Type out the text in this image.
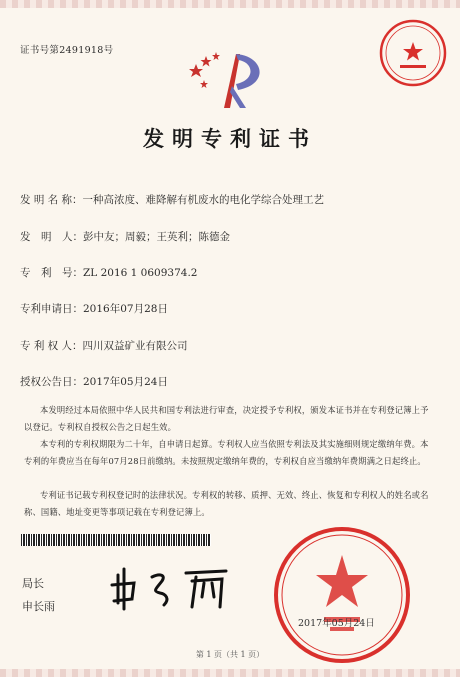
证书号第2491918号
发明专利证书
发 明 名 称：一种高浓度、难降解有机废水的电化学综合处理工艺
发　明　人：彭中友；周毅；王英利；陈德金
专　利　号：ZL 2016 1 0609374.2
专利申请日：2016年07月28日
专 利 权 人：四川双益矿业有限公司
授权公告日：2017年05月24日
本发明经过本局依照中华人民共和国专利法进行审查，决定授予专利权，颁发本证书并在专利登记簿上予以登记。专利权自授权公告之日起生效。
本专利的专利权期限为二十年，自申请日起算。专利权人应当依照专利法及其实施细则规定缴纳年费。本专利的年费应当在每年07月28日前缴纳。未按照规定缴纳年费的，专利权自应当缴纳年费期满之日起终止。
专利证书记载专利权登记时的法律状况。专利权的转移、质押、无效、终止、恢复和专利权人的姓名或名称、国籍、地址变更等事项记载在专利登记簿上。
局长
申长雨
2017年05月24日
第 1 页（共 1 页）
